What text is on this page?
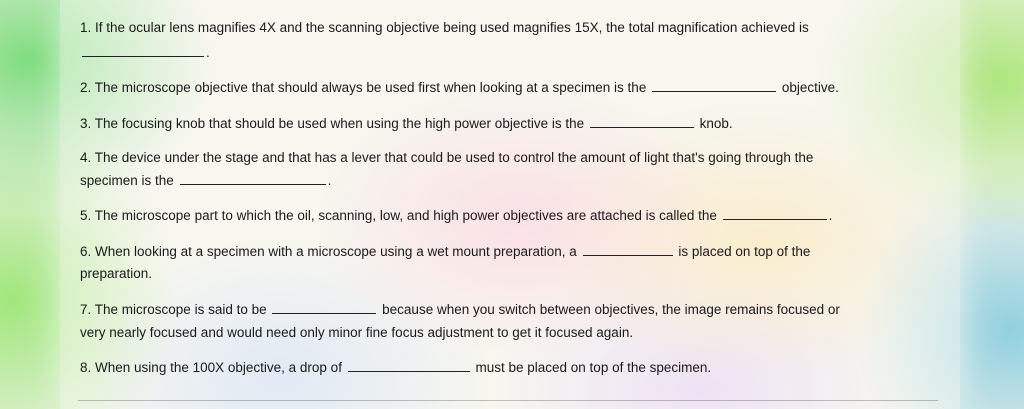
1. If the ocular lens magnifies 4X and the scanning objective being used magnifies 15X, the total magnification achieved is

.

2. The microscope objective that should always be used first when looking at a specimen is the	objective.

3. The focusing knob that should be used when using the high power objective is the	knob.

4. The device under the stage and that has a lever that could be used to control the amount of light that's going through the

specimen is the	.

5. The microscope part to which the oil, scanning, low, and high power objectives are attached is called the	.

6. When looking at a specimen with a microscope using a wet mount preparation, a	is placed on top of the

preparation.

7. The microscope is said to be	because when you switch between objectives, the image remains focused or

very nearly focused and would need only minor fine focus adjustment to get it focused again.

8. When using the 100X objective, a drop of	must be placed on top of the specimen.
